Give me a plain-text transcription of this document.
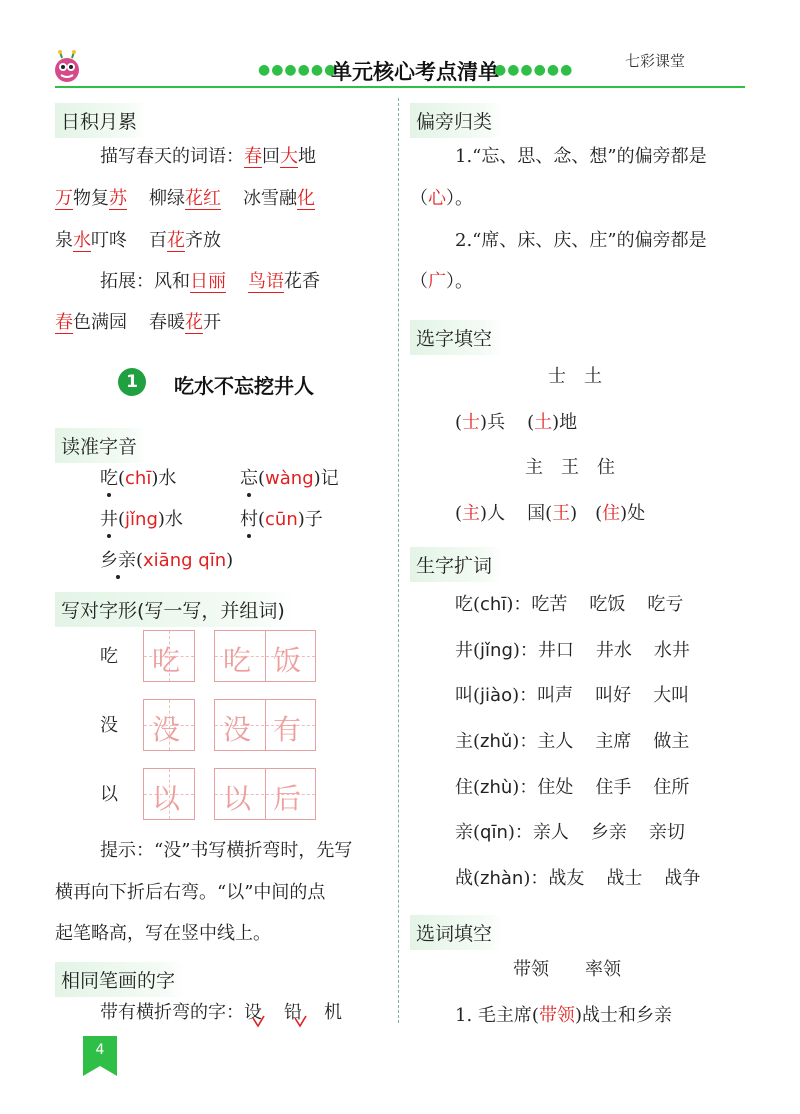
●●●●●●
单元核心考点清单
●●●●●●	七彩课堂
日积月累
描写春天的词语：春回大地
万物复苏 柳绿花红 冰雪融化
泉水叮咚 百花齐放
拓展：风和日丽 鸟语花香
春色满园 春暖花开
1	吃水不忘挖井人
读准字音
吃(chī)水	忘(wàng)记
井(jǐng)水	村(cūn)子
乡亲(xiāng qīn)
写对字形(写一写，并组词)
吃 吃 吃 饭
没 没 没 有
以 以 以 后
提示：“没”书写横折弯时，先写
横再向下折后右弯。“以”中间的点
起笔略高，写在竖中线上。
相同笔画的字
带有横折弯的字：设 铅 机
4
偏旁归类
1.“忘、思、念、想”的偏旁都是
（心）。
2.“席、床、庆、庄”的偏旁都是
（广）。
选字填空
士　土
(士)兵 (土)地
主　王　住
(主)人 国(王) (住)处
生字扩词
吃(chī)：吃苦 吃饭 吃亏
井(jǐng)：井口 井水 水井
叫(jiào)：叫声 叫好 大叫
主(zhǔ)：主人 主席 做主
住(zhù)：住处 住手 住所
亲(qīn)：亲人 乡亲 亲切
战(zhàn)：战友 战士 战争
选词填空
带领　　率领
1. 毛主席(带领)战士和乡亲
